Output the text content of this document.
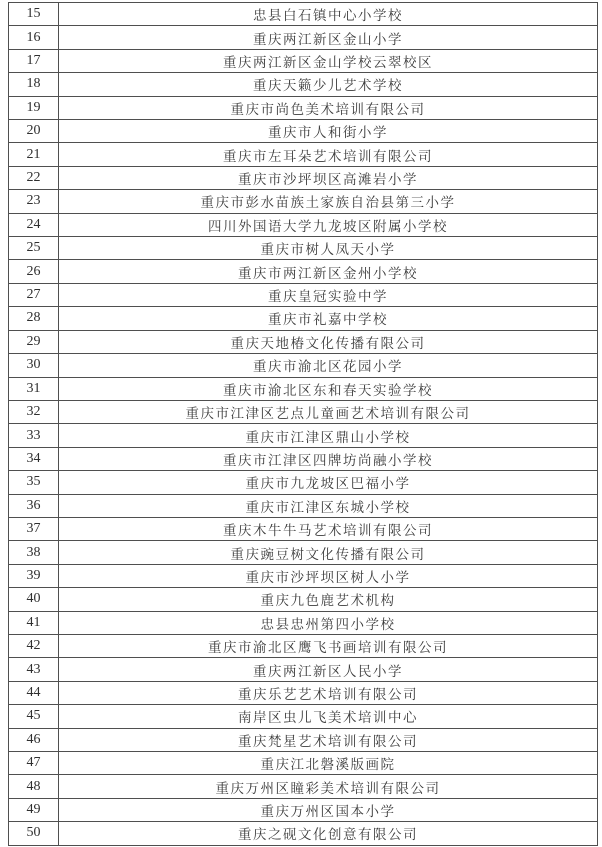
15	忠县白石镇中心小学校
16	重庆两江新区金山小学
17	重庆两江新区金山学校云翠校区
18	重庆天籁少儿艺术学校
19	重庆市尚色美术培训有限公司
20	重庆市人和街小学
21	重庆市左耳朵艺术培训有限公司
22	重庆市沙坪坝区高滩岩小学
23	重庆市彭水苗族土家族自治县第三小学
24	四川外国语大学九龙坡区附属小学校
25	重庆市树人凤天小学
26	重庆市两江新区金州小学校
27	重庆皇冠实验中学
28	重庆市礼嘉中学校
29	重庆天地椿文化传播有限公司
30	重庆市渝北区花园小学
31	重庆市渝北区东和春天实验学校
32	重庆市江津区艺点儿童画艺术培训有限公司
33	重庆市江津区鼎山小学校
34	重庆市江津区四牌坊尚融小学校
35	重庆市九龙坡区巴福小学
36	重庆市江津区东城小学校
37	重庆木牛牛马艺术培训有限公司
38	重庆豌豆树文化传播有限公司
39	重庆市沙坪坝区树人小学
40	重庆九色鹿艺术机构
41	忠县忠州第四小学校
42	重庆市渝北区鹰飞书画培训有限公司
43	重庆两江新区人民小学
44	重庆乐艺艺术培训有限公司
45	南岸区虫儿飞美术培训中心
46	重庆梵星艺术培训有限公司
47	重庆江北磐溪版画院
48	重庆万州区瞳彩美术培训有限公司
49	重庆万州区国本小学
50	重庆之砚文化创意有限公司
